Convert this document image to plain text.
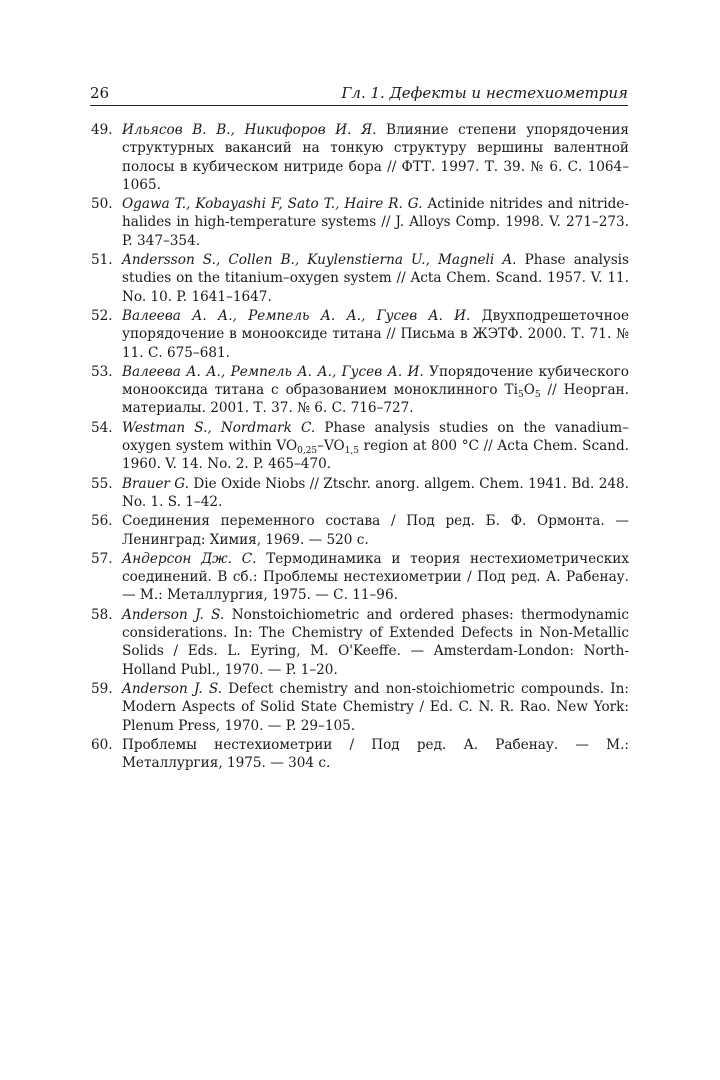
26	Гл. 1. Дефекты и нестехиометрия
49. Ильясов В. В., Никифоров И. Я. Влияние степени упорядочения структурных вакансий на тонкую структуру вершины валентной полосы в кубическом нитриде бора // ФТТ. 1997. Т. 39. № 6. С. 1064–1065.
50. Ogawa T., Kobayashi F, Sato T., Haire R. G. Actinide nitrides and nitride-halides in high-temperature systems // J. Alloys Comp. 1998. V. 271–273. P. 347–354.
51. Andersson S., Collen B., Kuylenstierna U., Magneli A. Phase analysis studies on the titanium–oxygen system // Acta Chem. Scand. 1957. V. 11. No. 10. P. 1641–1647.
52. Валеева А. А., Ремпель А. А., Гусев А. И. Двухподрешеточное упорядочение в монооксиде титана // Письма в ЖЭТФ. 2000. Т. 71. № 11. С. 675–681.
53. Валеева А. А., Ремпель А. А., Гусев А. И. Упорядочение кубического монооксида титана с образованием моноклинного $Ti_5O_5$ // Неорган. материалы. 2001. Т. 37. № 6. С. 716–727.
54. Westman S., Nordmark C. Phase analysis studies on the vanadium–oxygen system within $VO_{0,25}-VO_{1,5}$ region at 800 °C // Acta Chem. Scand. 1960. V. 14. No. 2. P. 465–470.
55. Brauer G. Die Oxide Niobs // Ztschr. anorg. allgem. Chem. 1941. Bd. 248. No. 1. S. 1–42.
56. Соединения переменного состава / Под ред. Б. Ф. Ормонта. — Ленинград: Химия, 1969. — 520 с.
57. Андерсон Дж. С. Термодинамика и теория нестехиометрических соединений. В сб.: Проблемы нестехиометрии / Под ред. А. Рабенау. — М.: Металлургия, 1975. — С. 11–96.
58. Anderson J. S. Nonstoichiometric and ordered phases: thermodynamic considerations. In: The Chemistry of Extended Defects in Non-Metallic Solids / Eds. L. Eyring, M. O'Keeffe. — Amsterdam-London: North-Holland Publ., 1970. — P. 1–20.
59. Anderson J. S. Defect chemistry and non-stoichiometric compounds. In: Modern Aspects of Solid State Chemistry / Ed. C. N. R. Rao. New York: Plenum Press, 1970. — P. 29–105.
60. Проблемы нестехиометрии / Под ред. А. Рабенау. — М.: Металлургия, 1975. — 304 с.
